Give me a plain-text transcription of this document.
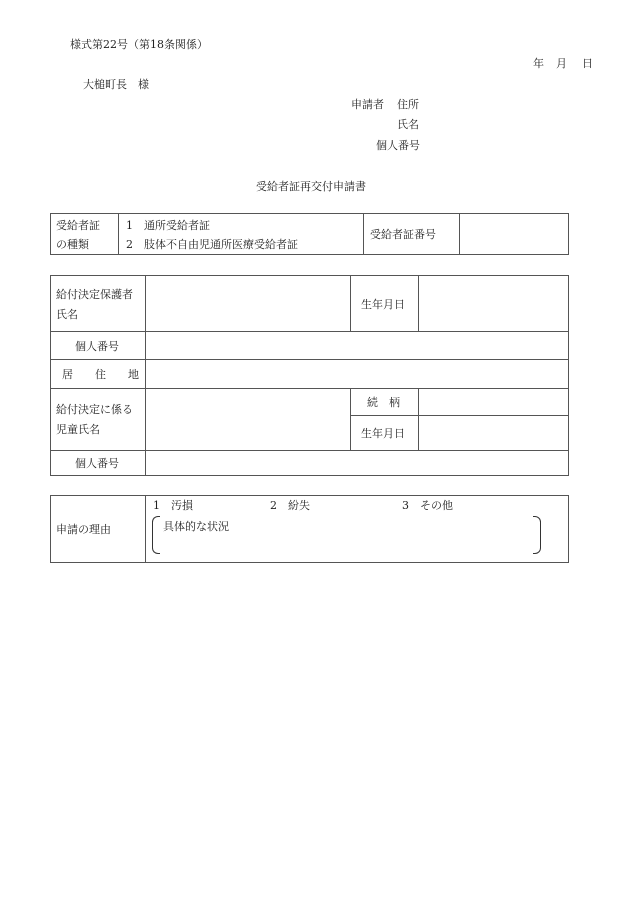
様式第22号（第18条関係）
年 月 日
大槌町長　様
申請者 住所
氏名
個人番号
受給者証再交付申請書
受給者証
の種類
1　通所受給者証
2　肢体不自由児通所医療受給者証
受給者証番号
給付決定保護者
氏名
生年月日
個人番号
居　　住　　地
給付決定に係る
児童氏名
続　柄
生年月日
個人番号
申請の理由
1　汚損	2　紛失	3　その他
具体的な状況
